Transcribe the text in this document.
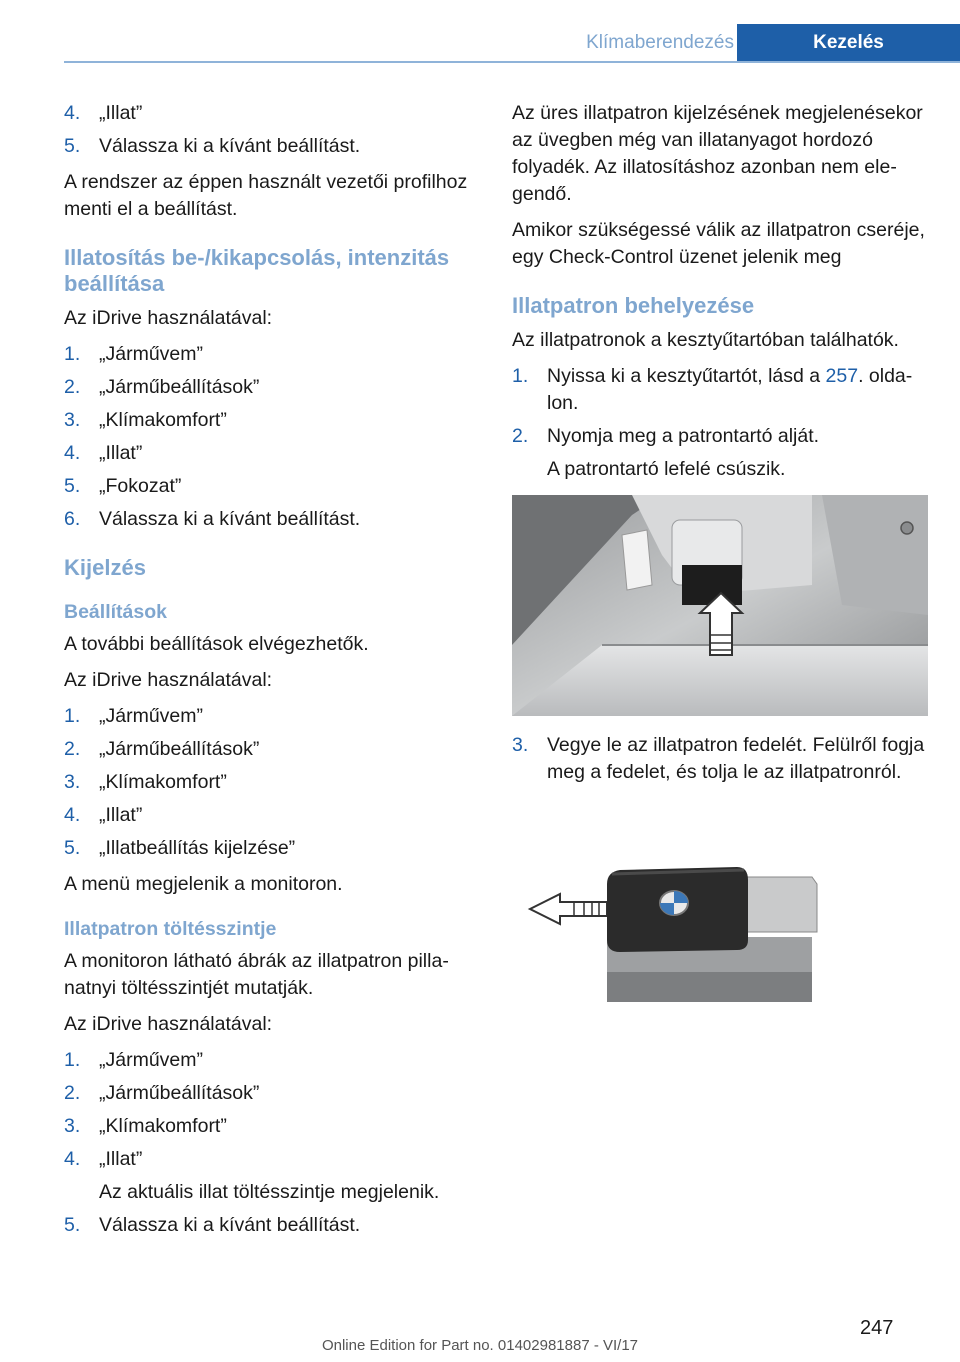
Klímaberendezés	Kezelés
4. „Illat”
5. Válassza ki a kívánt beállítást.

A rendszer az éppen használt vezetői profilhoz menti el a beállítást.

Illatosítás be-/kikapcsolás, intenzitás beállítása

Az iDrive használatával:

1. „Járművem”
2. „Járműbeállítások”
3. „Klímakomfort”
4. „Illat”
5. „Fokozat”
6. Válassza ki a kívánt beállítást.
Kijelzés
Beállítások

A további beállítások elvégezhetők.

Az iDrive használatával:

1. „Járművem”
2. „Járműbeállítások”
3. „Klímakomfort”
4. „Illat”
5. „Illatbeállítás kijelzése”

A menü megjelenik a monitoron.

Illatpatron töltésszintje

A monitoron látható ábrák az illatpatron pillanatnyi töltésszintjét mutatják.

Az iDrive használatával:

1. „Járművem”
2. „Járműbeállítások”
3. „Klímakomfort”
4. „Illat”
Az aktuális illat töltésszintje megjelenik.
5. Válassza ki a kívánt beállítást.

Az üres illatpatron kijelzésének megjelenésekor az üvegben még van illatanyagot hordozó folyadék. Az illatosításhoz azonban nem elegendő.

Amikor szükségessé válik az illatpatron cseréje, egy Check-Control üzenet jelenik meg

Illatpatron behelyezése

Az illatpatronok a kesztyűtartóban találhatók.

1. Nyissa ki a kesztyűtartót, lásd a 257. oldalon.
2. Nyomja meg a patrontartó alját.
A patrontartó lefelé csúszik.
3. Vegye le az illatpatron fedelét. Felülről fogja meg a fedelet, és tolja le az illatpatronról.
247
Online Edition for Part no. 01402981887 - VI/17
